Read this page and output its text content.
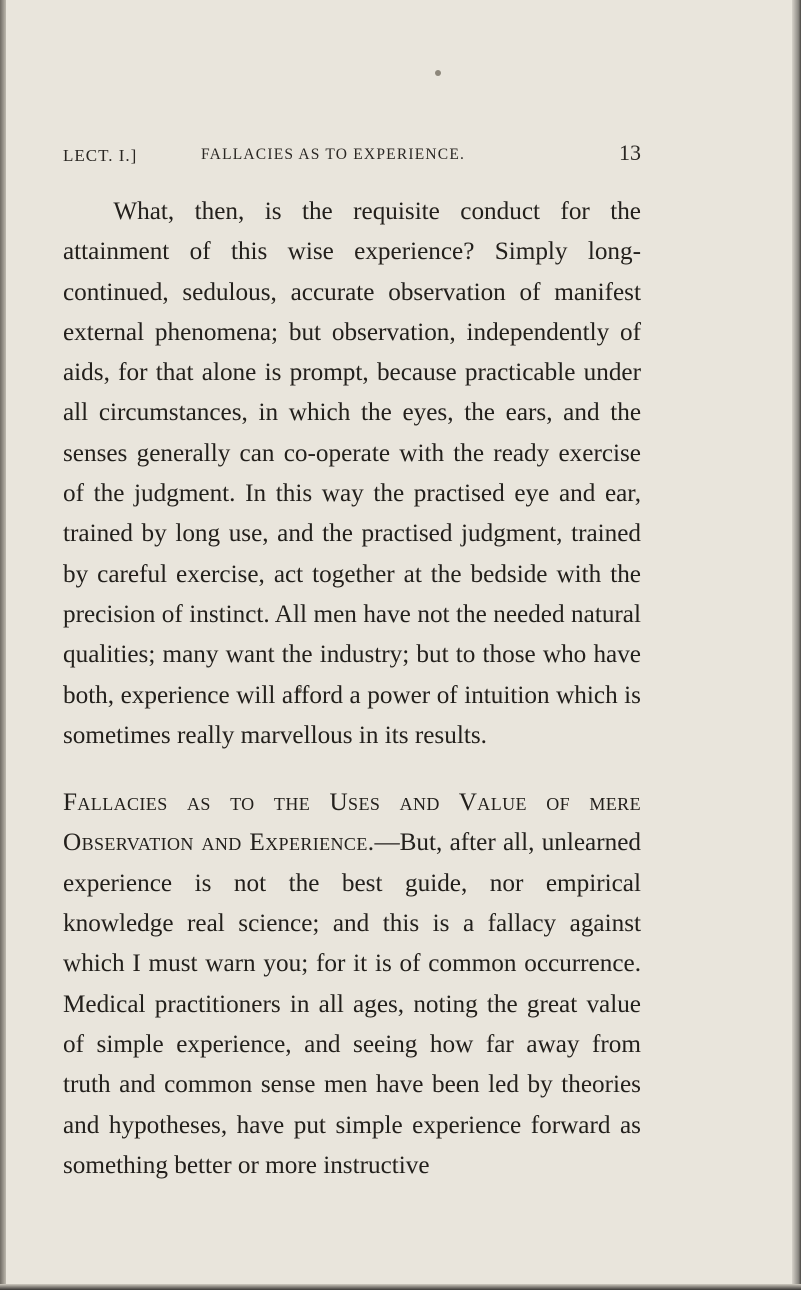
LECT. I.]	FALLACIES AS TO EXPERIENCE.	13

What, then, is the requisite conduct for the attainment of this wise experience? Simply long-continued, sedulous, accurate observation of manifest external phenomena; but observation, independently of aids, for that alone is prompt, because practicable under all circumstances, in which the eyes, the ears, and the senses generally can co-operate with the ready exercise of the judgment. In this way the practised eye and ear, trained by long use, and the practised judgment, trained by careful exercise, act together at the bedside with the precision of instinct. All men have not the needed natural qualities; many want the industry; but to those who have both, experience will afford a power of intuition which is sometimes really marvellous in its results.

Fallacies as to the Uses and Value of mere Observation and Experience.—But, after all, unlearned experience is not the best guide, nor empirical knowledge real science; and this is a fallacy against which I must warn you; for it is of common occurrence. Medical practitioners in all ages, noting the great value of simple experience, and seeing how far away from truth and common sense men have been led by theories and hypotheses, have put simple experience forward as something better or more instructive
